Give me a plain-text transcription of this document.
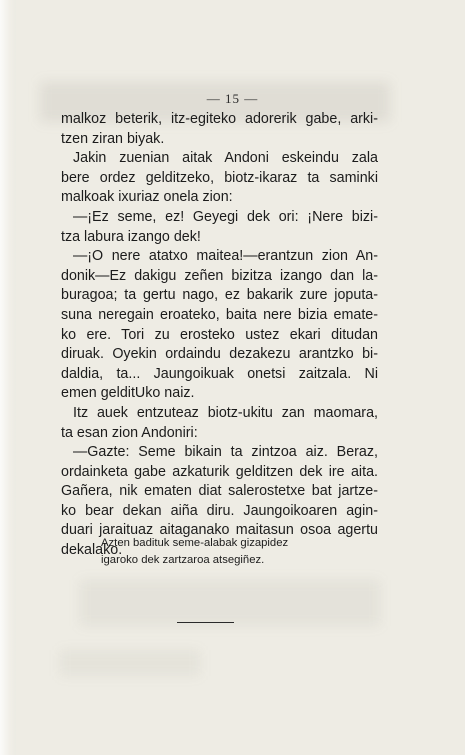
— 15 —
malkoz beterik, itz-egiteko adorerik gabe, arki-
tzen ziran biyak.
Jakin zuenian aitak Andoni eskeindu zala
bere ordez gelditzeko, biotz-ikaraz ta saminki
malkoak ixuriaz onela zion:
—¡Ez seme, ez! Geyegi dek ori: ¡Nere bizi-
tza labura izango dek!
—¡O nere atatxo maitea!—erantzun zion An-
donik—Ez dakigu zeñen bizitza izango dan la-
buragoa; ta gertu nago, ez bakarik zure joputa-
suna neregain eroateko, baita nere bizia emate-
ko ere. Tori zu erosteko ustez ekari ditudan
diruak. Oyekin ordaindu dezakezu arantzko bi-
daldia, ta... Jaungoikuak onetsi zaitzala. Ni
emen gelditUko naiz.
Itz auek entzuteaz biotz-ukitu zan maomara,
ta esan zion Andoniri:
—Gazte: Seme bikain ta zintzoa aiz. Beraz,
ordainketa gabe azkaturik gelditzen dek ire aita.
Gañera, nik ematen diat salerostetxe bat jartze-
ko bear dekan aiña diru. Jaungoikoaren agin-
duari jaraituaz aitaganako maitasun osoa agertu
dekalako.
Azten badituk seme-alabak gizapidez
igaroko dek zartzaroa atsegiñez.
